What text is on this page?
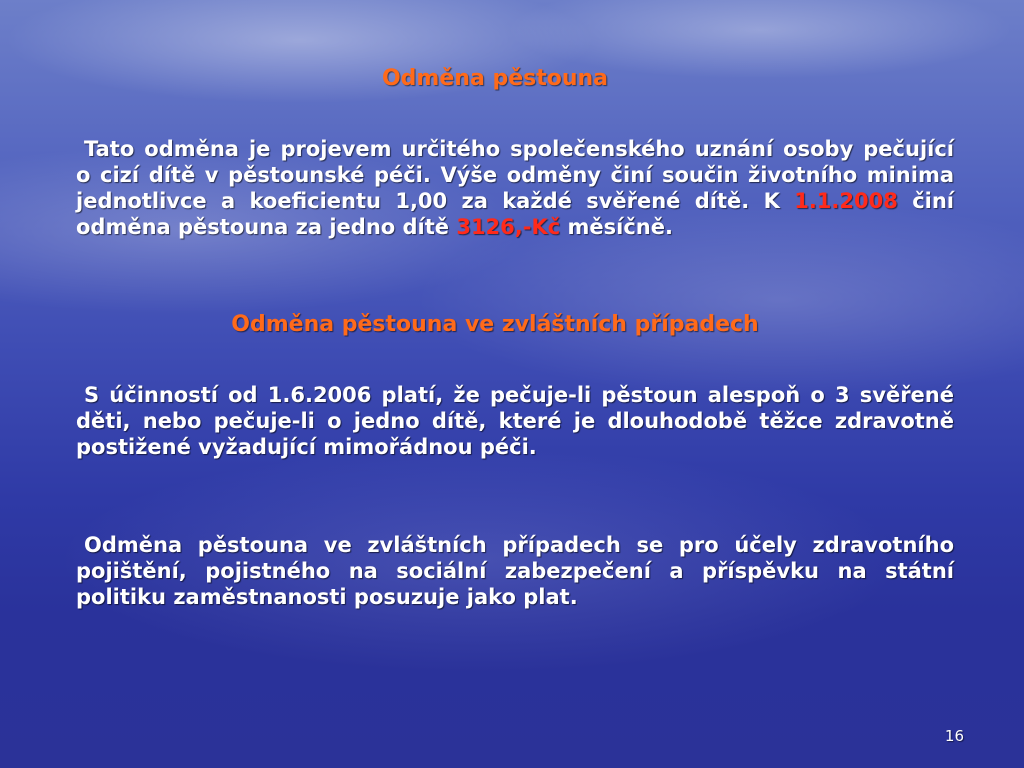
Odměna pěstouna
Tato odměna je projevem určitého společenského uznání osoby pečující o cizí dítě v pěstounské péči. Výše odměny činí součin životního minima jednotlivce a koeficientu 1,00 za každé svěřené dítě. K 1.1.2008 činí odměna pěstouna za jedno dítě 3126,-Kč měsíčně.
Odměna pěstouna ve zvláštních případech
S účinností od 1.6.2006 platí, že pečuje-li pěstoun alespoň o 3 svěřené děti, nebo pečuje-li o jedno dítě, které je dlouhodobě těžce zdravotně postižené vyžadující mimořádnou péči.
Odměna pěstouna ve zvláštních případech se pro účely zdravotního pojištění, pojistného na sociální zabezpečení a příspěvku na státní politiku zaměstnanosti posuzuje jako plat.
16
